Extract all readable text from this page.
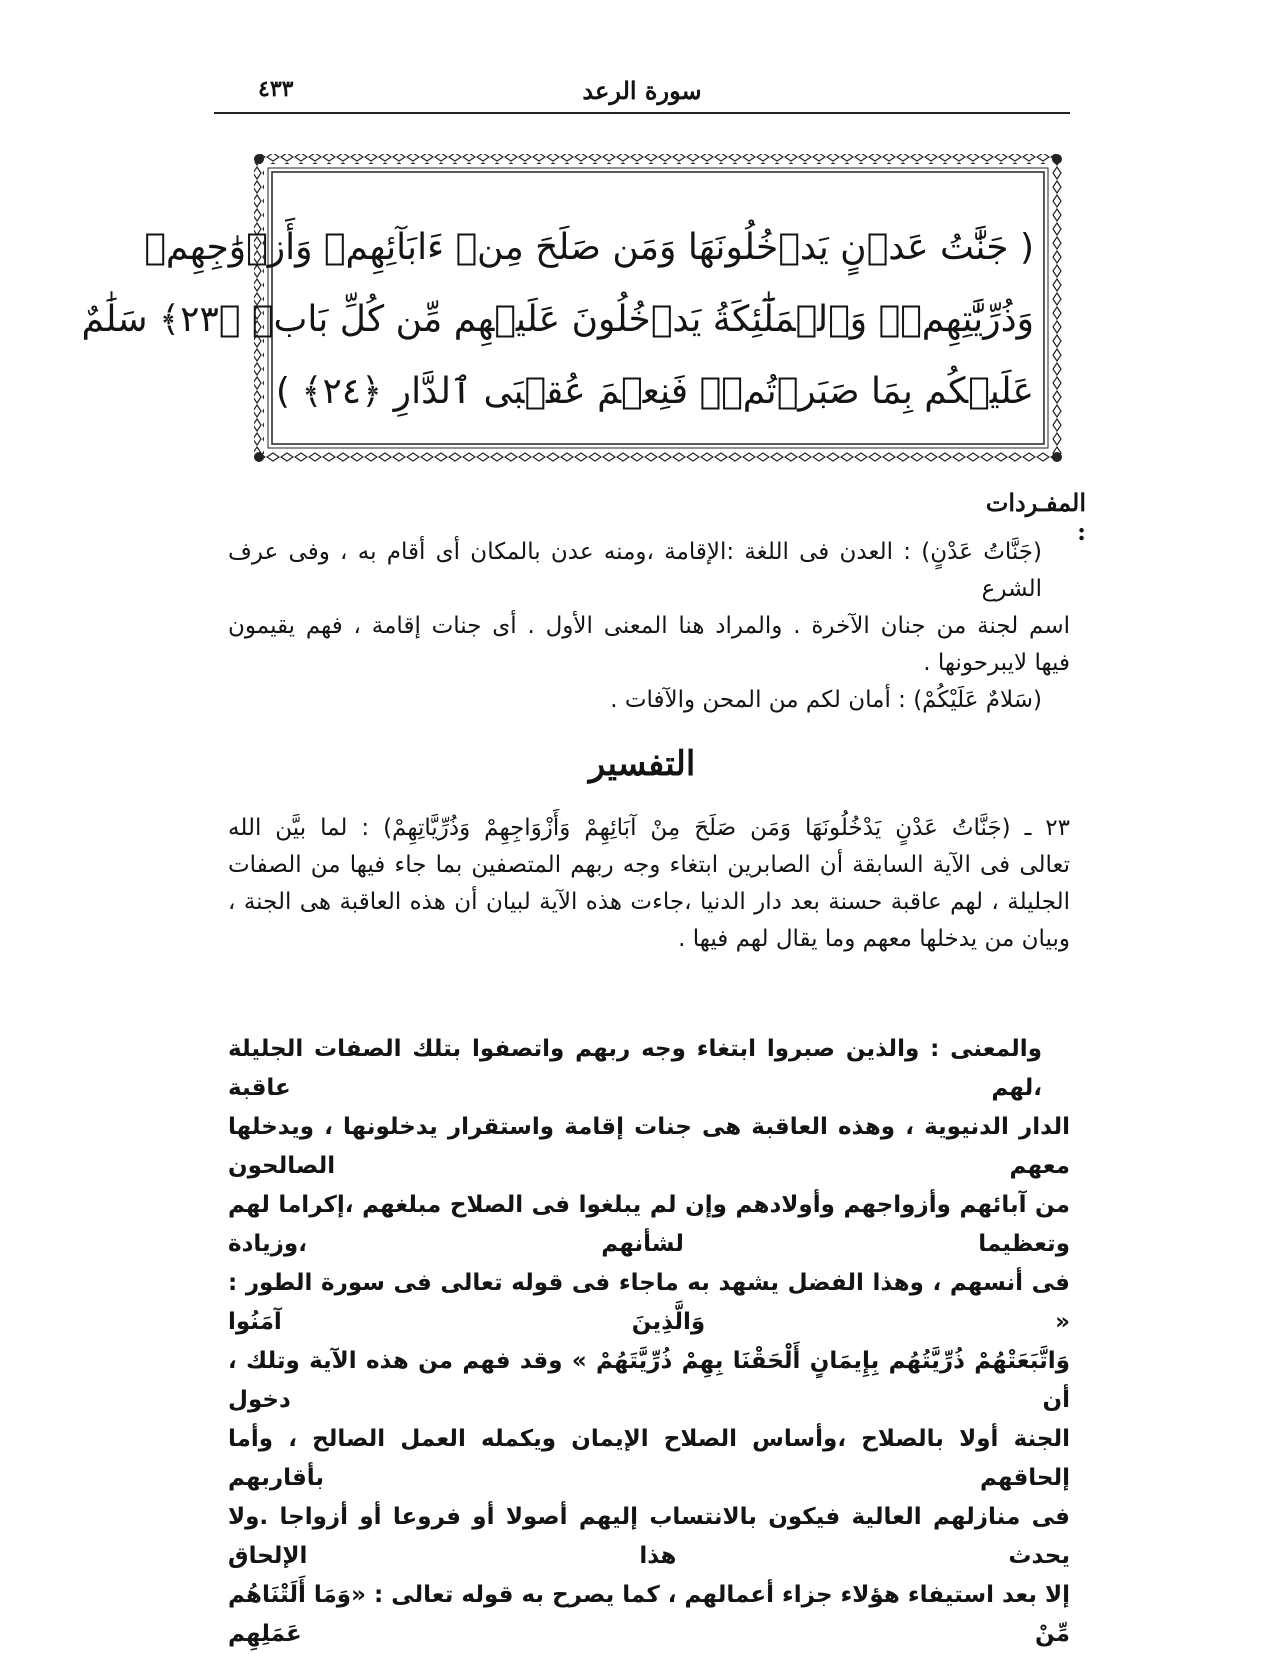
٤٣٣	سورة الرعد
( جَنَّٰتُ عَدۡنٍ يَدۡخُلُونَهَا وَمَن صَلَحَ مِنۡ ءَابَآئِهِمۡ وَأَزۡوَٰجِهِمۡ
وَذُرِّيَّٰتِهِمۡۖ وَٱلۡمَلَٰٓئِكَةُ يَدۡخُلُونَ عَلَيۡهِم مِّن كُلِّ بَابٖ ﴿٢٣﴾ سَلَٰمٌ
عَلَيۡكُم بِمَا صَبَرۡتُمۡۚ فَنِعۡمَ عُقۡبَى ٱلدَّارِ ﴿٢٤﴾ )
المفـردات :

(جَنَّاتُ عَدْنٍ) : العدن فى اللغة :الإقامة ،ومنه عدن بالمكان أى أقام به ، وفى عرف الشرع

اسم لجنة من جنان الآخرة . والمراد هنا المعنى الأول . أى جنات إقامة ، فهم يقيمون

فيها لايبرحونها .

(سَلامٌ عَلَيْكُمْ) : أمان لكم من المحن والآفات .

التفسير

٢٣ ـ (جَنَّاتُ عَدْنٍ يَدْخُلُونَهَا وَمَن صَلَحَ مِنْ آبَائِهِمْ وَأَزْوَاجِهِمْ وَذُرِّيَّاتِهِمْ) : لما بيَّن الله

تعالى فى الآية السابقة أن الصابرين ابتغاء وجه ربهم المتصفين بما جاء فيها من الصفات

الجليلة ، لهم عاقبة حسنة بعد دار الدنيا ،جاءت هذه الآية لبيان أن هذه العاقبة هى الجنة ،

وبيان من يدخلها معهم وما يقال لهم فيها .

والمعنى : والذين صبروا ابتغاء وجه ربهم واتصفوا بتلك الصفات الجليلة ،لهم عاقبة

الدار الدنيوية ، وهذه العاقبة هى جنات إقامة واستقرار يدخلونها ، ويدخلها معهم الصالحون

من آبائهم وأزواجهم وأولادهم وإن لم يبلغوا فى الصلاح مبلغهم ،إكراما لهم وتعظيما لشأنهم ،وزيادة

فى أنسهم ، وهذا الفضل يشهد به ماجاء فى قوله تعالى فى سورة الطور : « وَالَّذِينَ آمَنُوا

وَاتَّبَعَتْهُمْ ذُرِّيَّتُهُم بِإِيمَانٍ أَلْحَقْنَا بِهِمْ ذُرِّيَّتَهُمْ » وقد فهم من هذه الآية وتلك ، أن دخول

الجنة أولا بالصلاح ،وأساس الصلاح الإيمان ويكمله العمل الصالح ، وأما إلحاقهم بأقاربهم

فى منازلهم العالية فيكون بالانتساب إليهم أصولا أو فروعا أو أزواجا .ولا يحدث هذا الإلحاق

إلا بعد استيفاء هؤلاء جزاء أعمالهم ، كما يصرح به قوله تعالى : «وَمَا أَلَتْنَاهُم مِّنْ عَمَلِهِم
